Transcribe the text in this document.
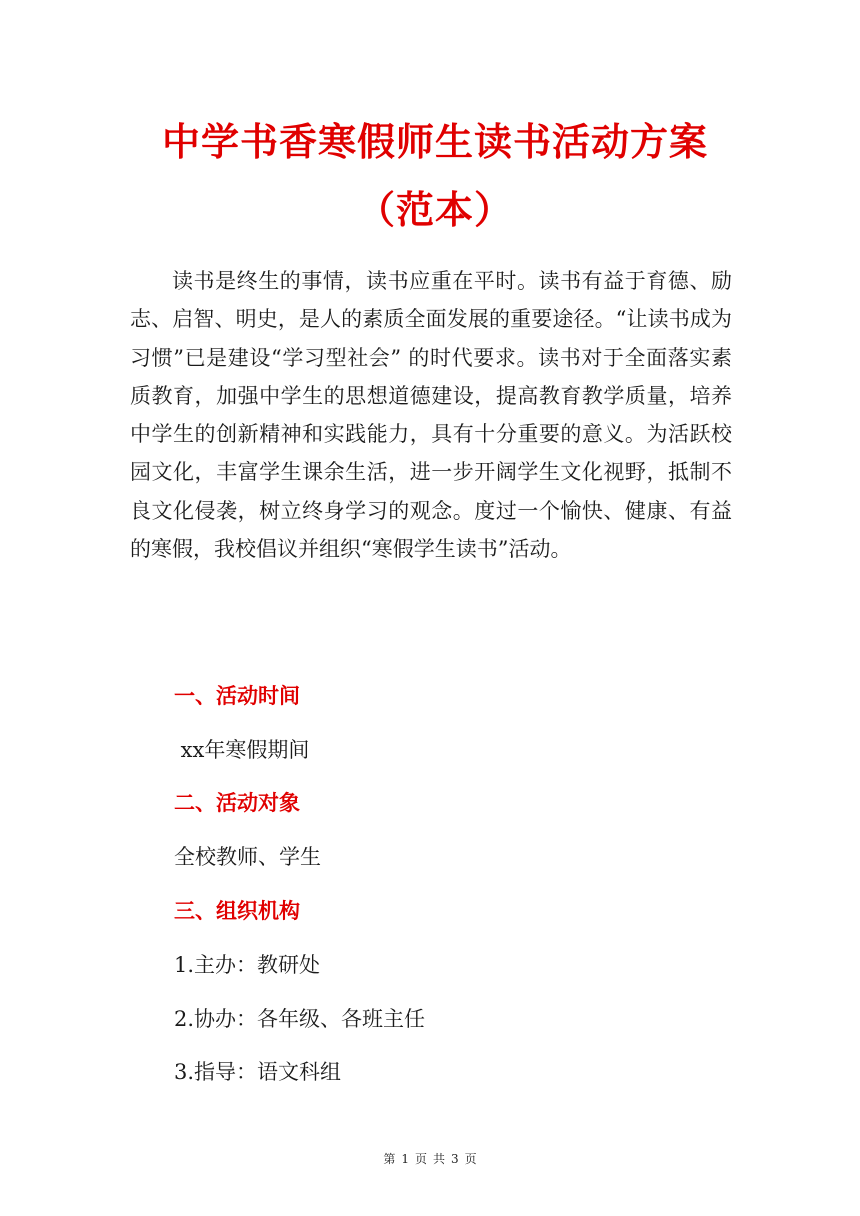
中学书香寒假师生读书活动方案（范本）

读书是终生的事情，读书应重在平时。读书有益于育德、励志、启智、明史，是人的素质全面发展的重要途径。“让读书成为习惯”已是建设“学习型社会” 的时代要求。读书对于全面落实素质教育，加强中学生的思想道德建设，提高教育教学质量，培养中学生的创新精神和实践能力，具有十分重要的意义。为活跃校园文化，丰富学生课余生活，进一步开阔学生文化视野，抵制不良文化侵袭，树立终身学习的观念。度过一个愉快、健康、有益的寒假，我校倡议并组织“寒假学生读书”活动。

一、活动时间

xx年寒假期间

二、活动对象

全校教师、学生

三、组织机构

1.主办：教研处

2.协办：各年级、各班主任

3.指导：语文科组

第 1 页 共 3 页
